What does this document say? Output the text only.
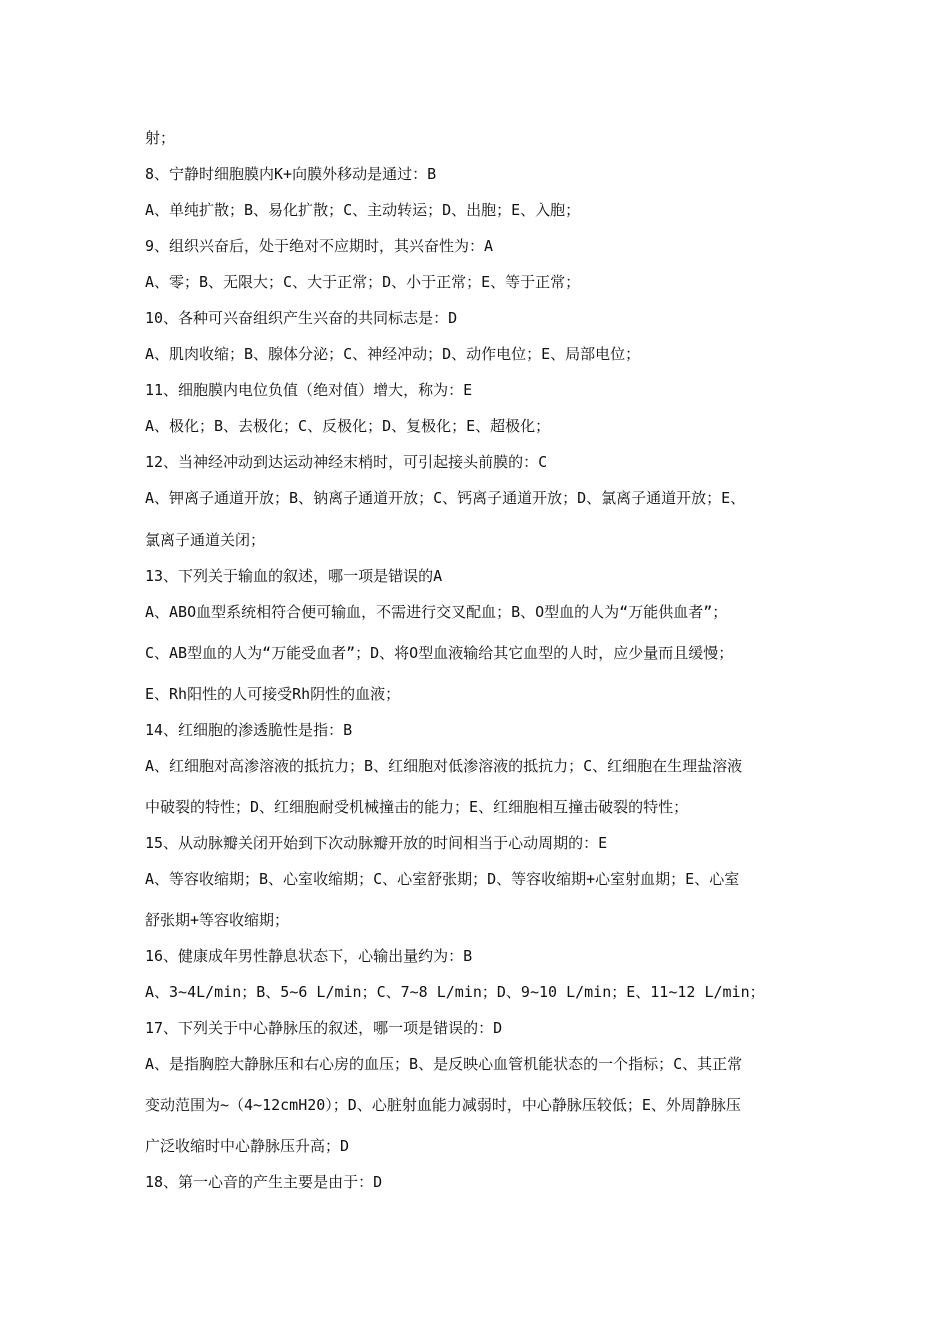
射；
8、宁静时细胞膜内K+向膜外移动是通过：B
A、单纯扩散；B、易化扩散；C、主动转运；D、出胞；E、入胞；
9、组织兴奋后，处于绝对不应期时，其兴奋性为：A
A、零；B、无限大；C、大于正常；D、小于正常；E、等于正常；
10、各种可兴奋组织产生兴奋的共同标志是：D
A、肌肉收缩；B、腺体分泌；C、神经冲动；D、动作电位；E、局部电位；
11、细胞膜内电位负值（绝对值）增大，称为：E
A、极化；B、去极化；C、反极化；D、复极化；E、超极化；
12、当神经冲动到达运动神经末梢时，可引起接头前膜的：C
A、钾离子通道开放；B、钠离子通道开放；C、钙离子通道开放；D、氯离子通道开放；E、
氯离子通道关闭；
13、下列关于输血的叙述，哪一项是错误的A
A、ABO血型系统相符合便可输血，不需进行交叉配血；B、O型血的人为“万能供血者”；
C、AB型血的人为“万能受血者”；D、将O型血液输给其它血型的人时，应少量而且缓慢；
E、Rh阳性的人可接受Rh阴性的血液；
14、红细胞的渗透脆性是指：B
A、红细胞对高渗溶液的抵抗力；B、红细胞对低渗溶液的抵抗力；C、红细胞在生理盐溶液
中破裂的特性；D、红细胞耐受机械撞击的能力；E、红细胞相互撞击破裂的特性；
15、从动脉瓣关闭开始到下次动脉瓣开放的时间相当于心动周期的：E
A、等容收缩期；B、心室收缩期；C、心室舒张期；D、等容收缩期+心室射血期；E、心室
舒张期+等容收缩期；
16、健康成年男性静息状态下，心输出量约为：B
A、3~4L/min；B、5~6 L/min；C、7~8 L/min；D、9~10 L/min；E、11~12 L/min；
17、下列关于中心静脉压的叙述，哪一项是错误的：D
A、是指胸腔大静脉压和右心房的血压；B、是反映心血管机能状态的一个指标；C、其正常
变动范围为~（4~12cmH20）；D、心脏射血能力减弱时，中心静脉压较低；E、外周静脉压
广泛收缩时中心静脉压升高；D
18、第一心音的产生主要是由于：D
